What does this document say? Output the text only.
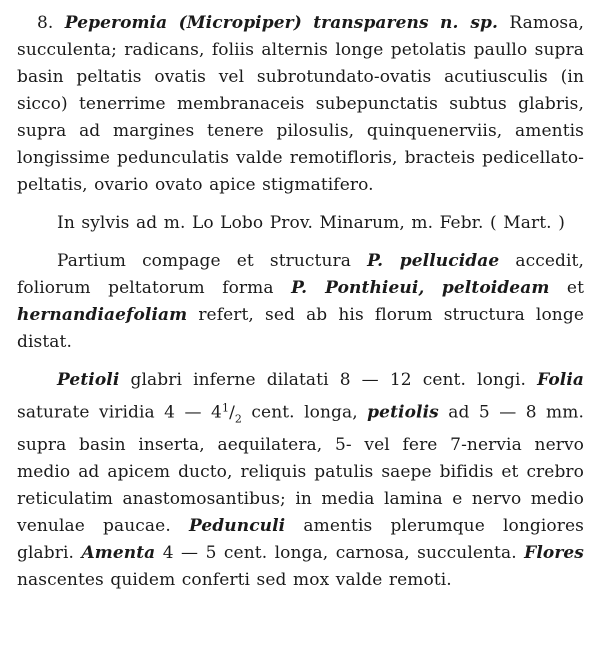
8. Peperomia (Micropiper) transparens n. sp. Ramosa, succulenta; radicans, foliis alternis longe petolatis paullo supra basin peltatis ovatis vel subrotundato-ovatis acutiusculis (in sicco) tenerrime membranaceis subepunctatis subtus glabris, supra ad margines tenere pilosulis, quinquenerviis, amentis longissime pedunculatis valde remotifloris, bracteis pedicellato-peltatis, ovario ovato apice stigmatifero.

In sylvis ad m. Lo Lobo Prov. Minarum, m. Febr. ( Mart. )

Partium compage et structura P. pellucidae accedit, foliorum peltatorum forma P. Ponthieui, peltoideam et hernandiaefoliam refert, sed ab his florum structura longe distat.

Petioli glabri inferne dilatati 8 — 12 cent. longi. Folia saturate viridia 4 — $4^1/_2$ cent. longa, petiolis ad 5 — 8 mm. supra basin inserta, aequilatera, 5- vel fere 7-nervia nervo medio ad apicem ducto, reliquis patulis saepe bifidis et crebro reticulatim anastomosantibus; in media lamina e nervo medio venulae paucae. Pedunculi amentis plerumque longiores glabri. Amenta 4 — 5 cent. longa, carnosa, succulenta. Flores nascentes quidem conferti sed mox valde remoti.
